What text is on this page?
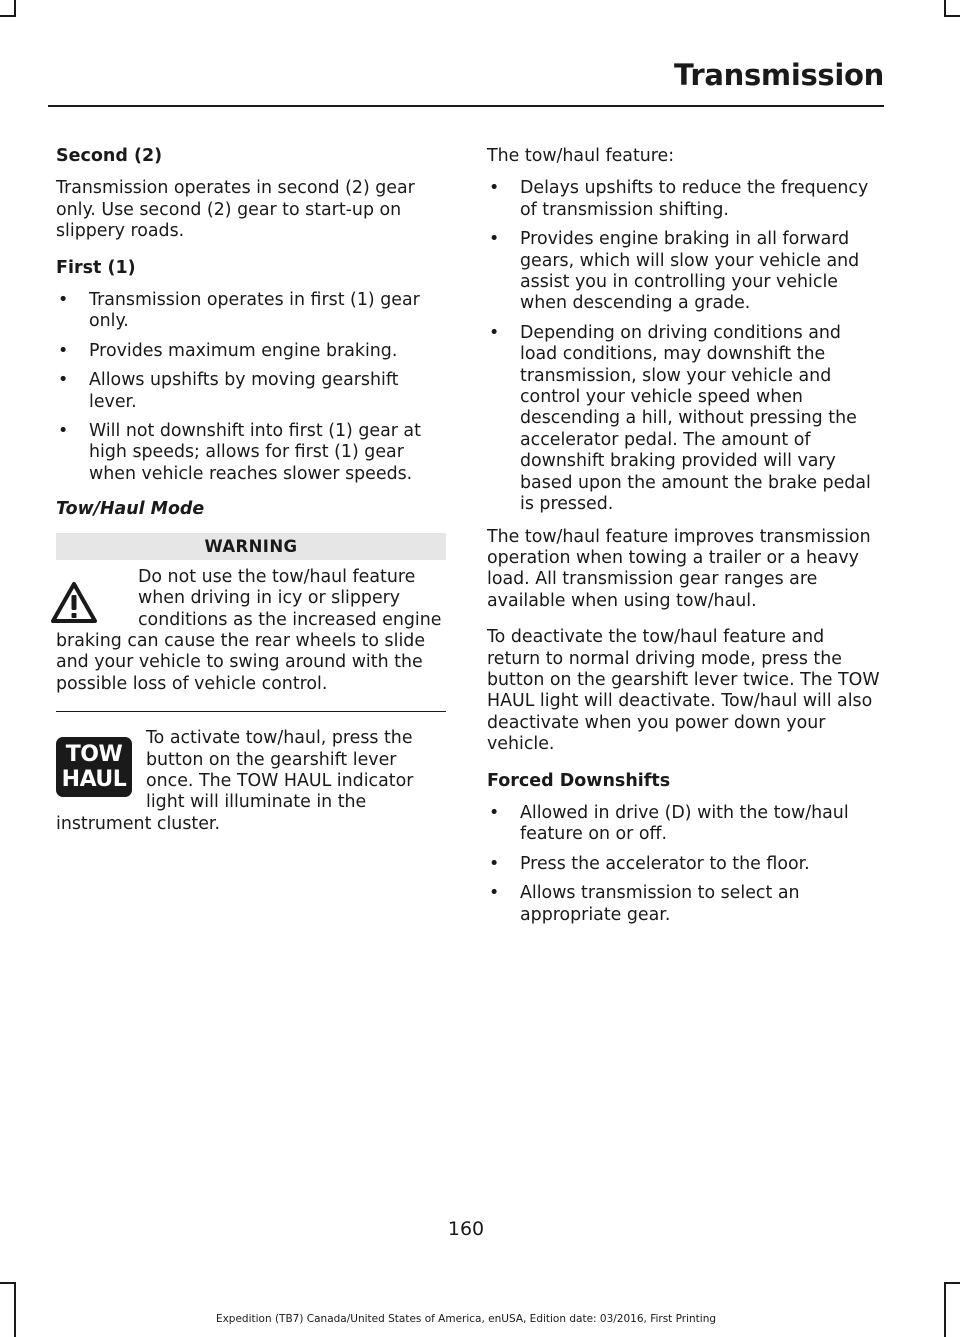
Transmission

Second (2)

Transmission operates in second (2) gear only. Use second (2) gear to start-up on slippery roads.

First (1)

• Transmission operates in first (1) gear only.
• Provides maximum engine braking.
• Allows upshifts by moving gearshift lever.
• Will not downshift into first (1) gear at high speeds; allows for first (1) gear when vehicle reaches slower speeds.

Tow/Haul Mode

WARNING

Do not use the tow/haul feature when driving in icy or slippery conditions as the increased engine braking can cause the rear wheels to slide and your vehicle to swing around with the possible loss of vehicle control.

TOW
HAUL

To activate tow/haul, press the button on the gearshift lever once. The TOW HAUL indicator light will illuminate in the instrument cluster.

The tow/haul feature:

• Delays upshifts to reduce the frequency of transmission shifting.
• Provides engine braking in all forward gears, which will slow your vehicle and assist you in controlling your vehicle when descending a grade.
• Depending on driving conditions and load conditions, may downshift the transmission, slow your vehicle and control your vehicle speed when descending a hill, without pressing the accelerator pedal. The amount of downshift braking provided will vary based upon the amount the brake pedal is pressed.

The tow/haul feature improves transmission operation when towing a trailer or a heavy load. All transmission gear ranges are available when using tow/haul.

To deactivate the tow/haul feature and return to normal driving mode, press the button on the gearshift lever twice. The TOW HAUL light will deactivate. Tow/haul will also deactivate when you power down your vehicle.

Forced Downshifts

• Allowed in drive (D) with the tow/haul feature on or off.
• Press the accelerator to the floor.
• Allows transmission to select an appropriate gear.
160
Expedition (TB7) Canada/United States of America, enUSA, Edition date: 03/2016, First Printing
